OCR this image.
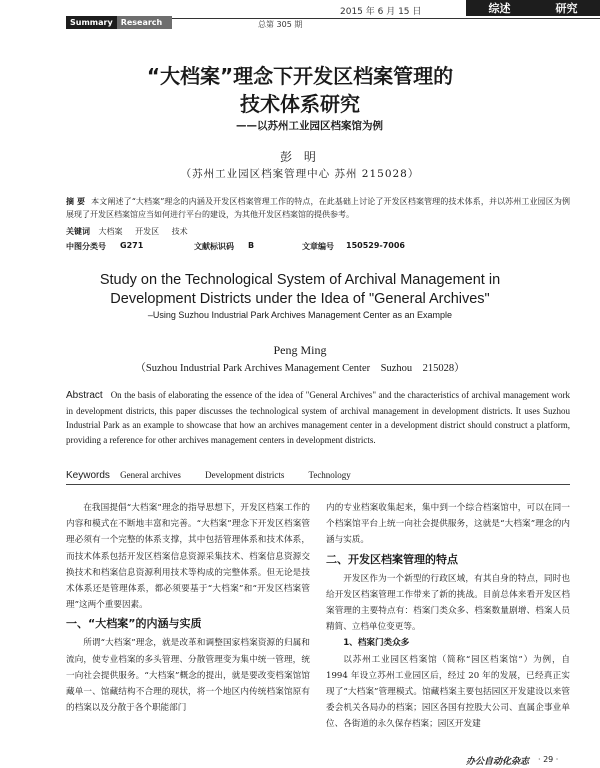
2015 年 6 月 15 日	综述	研究
Summary	Research	总第 305 期
“大档案”理念下开发区档案管理的
技术体系研究
——以苏州工业园区档案馆为例
彭 明
（苏州工业园区档案管理中心 苏州 215028）
摘 要 本文阐述了“大档案”理念的内涵及开发区档案管理工作的特点，在此基础上讨论了开发区档案管理的技术体系，并以苏州工业园区为例展现了开发区档案馆应当如何进行平台的建设，为其他开发区档案馆的提供参考。
关键词 大档案 开发区 技术
中图分类号 G271	文献标识码 B	文章编号 150529-7006
Study on the Technological System of Archival Management in
Development Districts under the Idea of "General Archives"
–Using Suzhou Industrial Park Archives Management Center as an Example
Peng Ming
（Suzhou Industrial Park Archives Management Center    Suzhou    215028）
Abstract On the basis of elaborating the essence of the idea of "General Archives" and the characteristics of archival management work in development districts, this paper discusses the technological system of archival management in development districts. It uses Suzhou Industrial Park as an example to showcase that how an archives management center in a development district should construct a platform, providing a reference for other archives management centers in development districts.
Keywords General archives	Development districts	Technology

在我国提倡“大档案”理念的指导思想下，开发区档案工作的内容和模式在不断地丰富和完善。“大档案”理念下开发区档案管理必须有一个完整的体系支撑，其中包括管理体系和技术体系，而技术体系包括开发区档案信息资源采集技术、档案信息资源交换技术和档案信息资源利用技术等构成的完整体系。但无论是技术体系还是管理体系，都必须要基于“大档案”和“开发区档案管理”这两个重要因素。

一、“大档案”的内涵与实质

所谓“大档案”理念，就是改革和调整国家档案资源的归属和流向，使专业档案的多头管理、分散管理变为集中统一管理，统一向社会提供服务。“大档案”概念的提出，就是要改变档案馆馆藏单一、馆藏结构不合理的现状，将一个地区内传统档案馆原有的档案以及分散于各个职能部门

内的专业档案收集起来，集中到一个综合档案馆中，可以在同一个档案馆平台上统一向社会提供服务，这就是“大档案”理念的内涵与实质。

二、开发区档案管理的特点

开发区作为一个新型的行政区域，有其自身的特点，同时也给开发区档案管理工作带来了新的挑战。目前总体来看开发区档案管理的主要特点有：档案门类众多、档案数量剧增、档案人员精简、立档单位变更等。

1、档案门类众多

以苏州工业园区档案馆（简称“园区档案馆”）为例，自1994 年设立苏州工业园区后，经过 20 年的发展，已经真正实现了“大档案”管理模式。馆藏档案主要包括园区开发建设以来管委会机关各局办的档案；园区各国有控股大公司、直属企事业单位、各街道的永久保存档案；园区开发建

办公自动化杂志 · 29 ·
